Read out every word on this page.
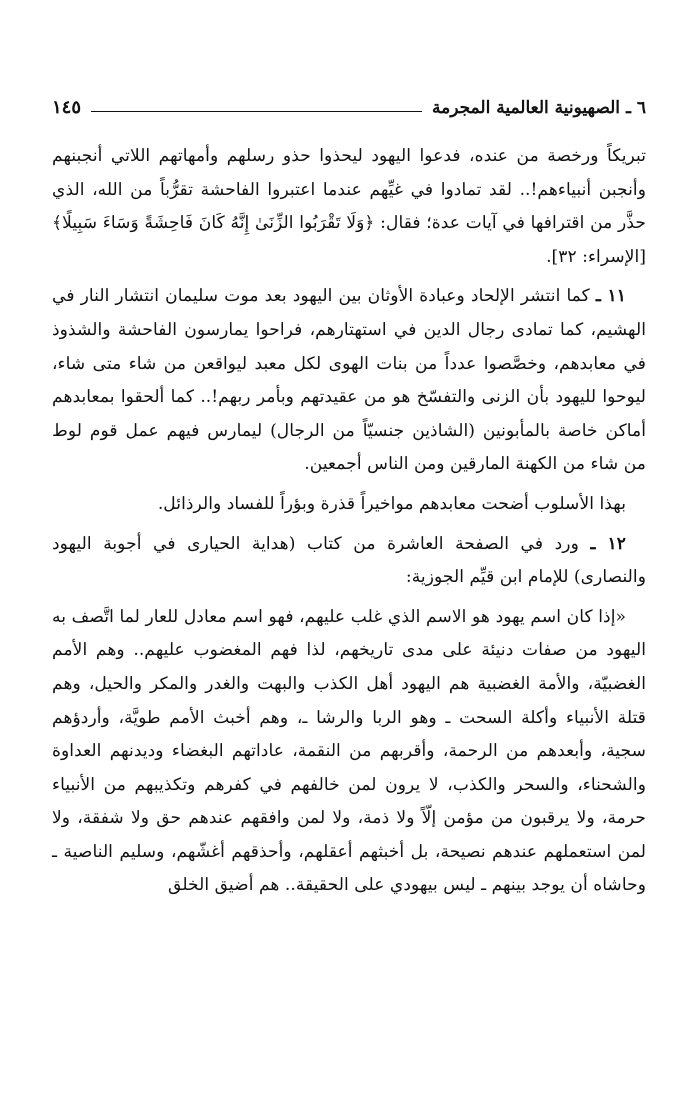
٦ ـ الصهيونية العالمية المجرمة
١٤٥

تبريكاً ورخصة من عنده، فدعوا اليهود ليحذوا حذو رسلهم وأمهاتهم اللاتي أنجبنهم وأنجبن أنبياءهم!.. لقد تمادوا في غيِّهم عندما اعتبروا الفاحشة تقرُّباً من الله، الذي حذَّر من اقترافها في آيات عدة؛ فقال: ﴿وَلَا تَقْرَبُوا الزِّنَىٰ إِنَّهُ كَانَ فَاحِشَةً وَسَاءَ سَبِيلًا﴾ [الإسراء: ٣٢].

١١ ـ كما انتشر الإلحاد وعبادة الأوثان بين اليهود بعد موت سليمان انتشار النار في الهشيم، كما تمادى رجال الدين في استهتارهم، فراحوا يمارسون الفاحشة والشذوذ في معابدهم، وخصَّصوا عدداً من بنات الهوى لكل معبد ليواقعن من شاء متى شاء، ليوحوا لليهود بأن الزنى والتفسّخ هو من عقيدتهم وبأمر ربهم!.. كما ألحقوا بمعابدهم أماكن خاصة بالمأبونين (الشاذين جنسيّاً من الرجال) ليمارس فيهم عمل قوم لوط من شاء من الكهنة المارقين ومن الناس أجمعين.

بهذا الأسلوب أضحت معابدهم مواخيراً قذرة وبؤراً للفساد والرذائل.

١٢ ـ ورد في الصفحة العاشرة من كتاب (هداية الحيارى في أجوبة اليهود والنصارى) للإمام ابن قيِّم الجوزية:

«إذا كان اسم يهود هو الاسم الذي غلب عليهم، فهو اسم معادل للعار لما اتَّصف به اليهود من صفات دنيئة على مدى تاريخهم، لذا فهم المغضوب عليهم.. وهم الأمم الغضبيّة، والأمة الغضبية هم اليهود أهل الكذب والبهت والغدر والمكر والحيل، وهم قتلة الأنبياء وأكلة السحت ـ وهو الربا والرشا ـ، وهم أخبث الأمم طويَّة، وأردؤهم سجية، وأبعدهم من الرحمة، وأقربهم من النقمة، عاداتهم البغضاء وديدنهم العداوة والشحناء، والسحر والكذب، لا يرون لمن خالفهم في كفرهم وتكذيبهم من الأنبياء حرمة، ولا يرقبون من مؤمن إلّاً ولا ذمة، ولا لمن وافقهم عندهم حق ولا شفقة، ولا لمن استعملهم عندهم نصيحة، بل أخبثهم أعقلهم، وأحذقهم أغشّهم، وسليم الناصية ـ وحاشاه أن يوجد بينهم ـ ليس بيهودي على الحقيقة.. هم أضيق الخلق
